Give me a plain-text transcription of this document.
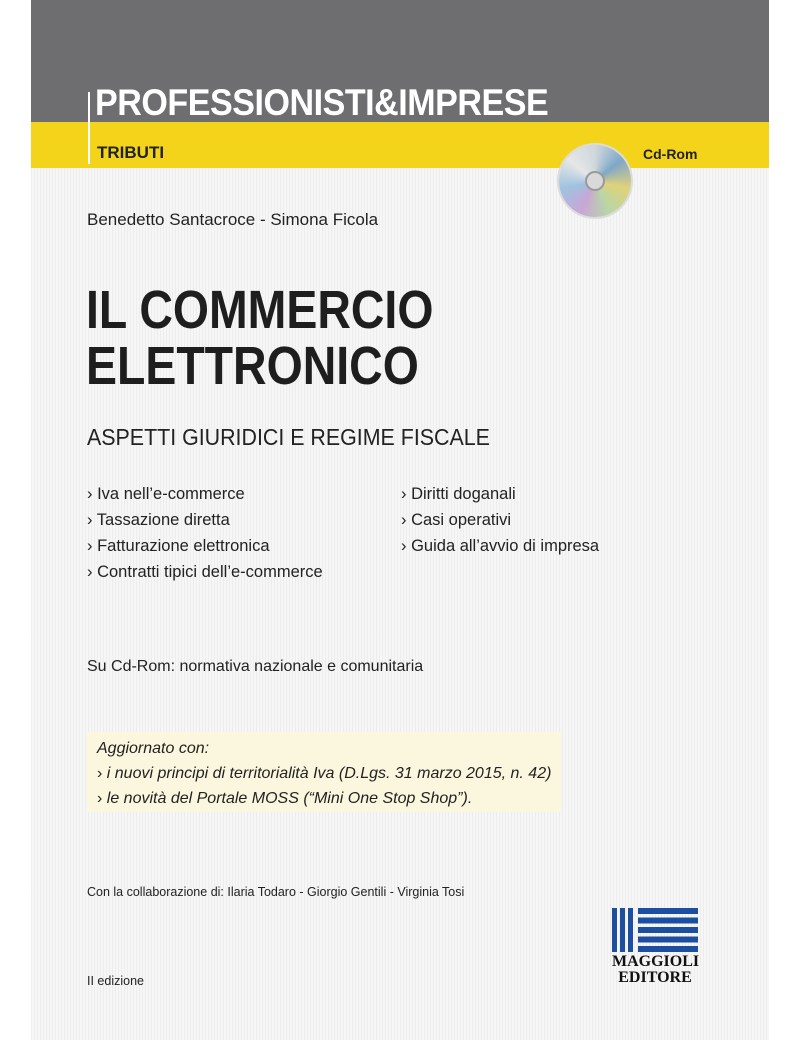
PROFESSIONISTI&IMPRESE
TRIBUTI	Cd-Rom
Benedetto Santacroce - Simona Ficola
IL COMMERCIO
ELETTRONICO
ASPETTI GIURIDICI E REGIME FISCALE
› Iva nell’e-commerce
› Tassazione diretta
› Fatturazione elettronica
› Contratti tipici dell’e-commerce
› Diritti doganali
› Casi operativi
› Guida all’avvio di impresa
Su Cd-Rom: normativa nazionale e comunitaria
Aggiornato con:
› i nuovi principi di territorialità Iva (D.Lgs. 31 marzo 2015, n. 42)
› le novità del Portale MOSS (“Mini One Stop Shop”).
Con la collaborazione di: Ilaria Todaro - Giorgio Gentili - Virginia Tosi
II edizione
MAGGIOLI
EDITORE
